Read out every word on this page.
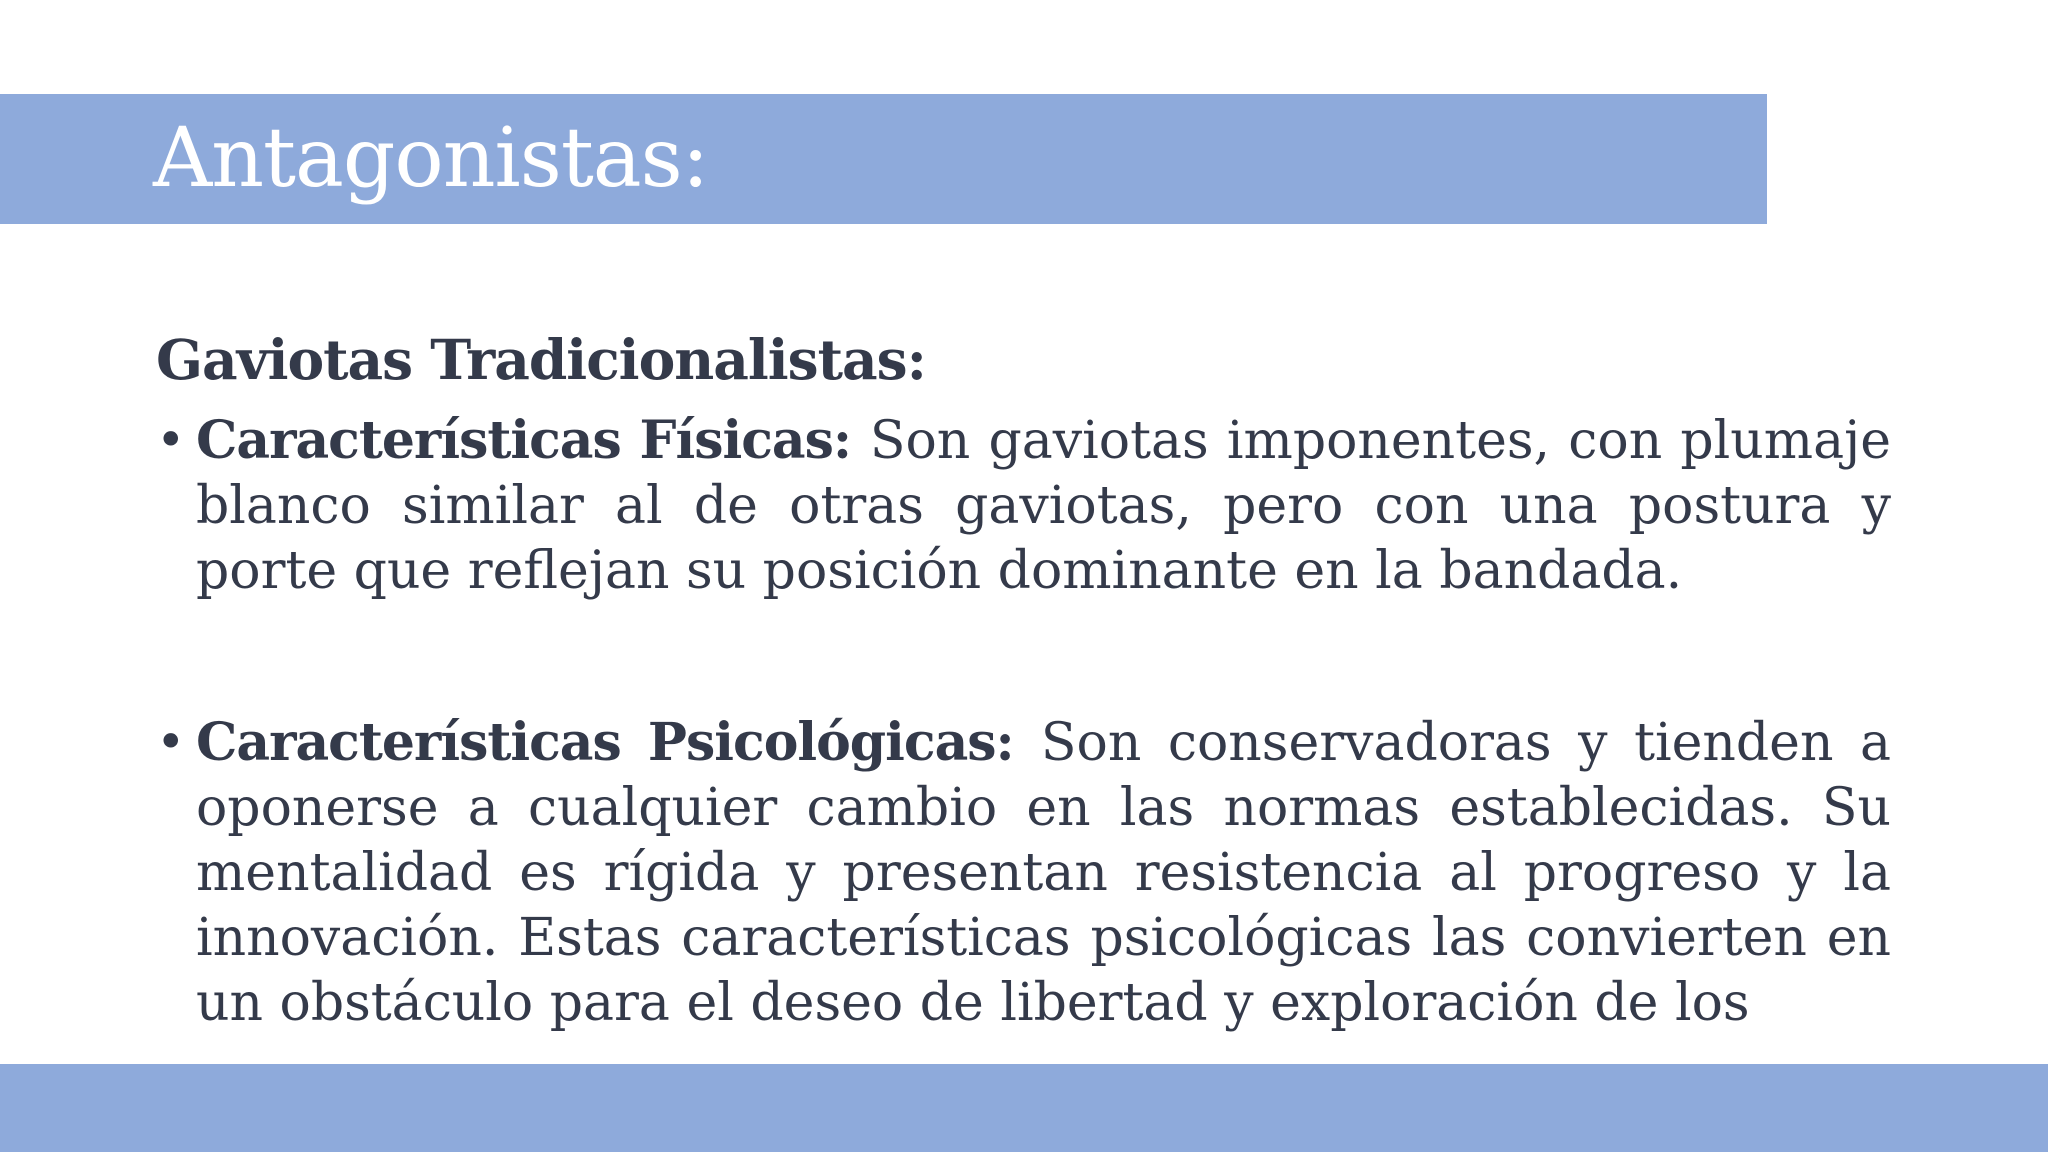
Antagonistas:

Gaviotas Tradicionalistas:

• Características Físicas: Son gaviotas imponentes, con plumaje blanco similar al de otras gaviotas, pero con una postura y porte que reflejan su posición dominante en la bandada.
• Características Psicológicas: Son conservadoras y tienden a oponerse a cualquier cambio en las normas establecidas. Su mentalidad es rígida y presentan resistencia al progreso y la innovación. Estas características psicológicas las convierten en un obstáculo para el deseo de libertad y exploración de los
